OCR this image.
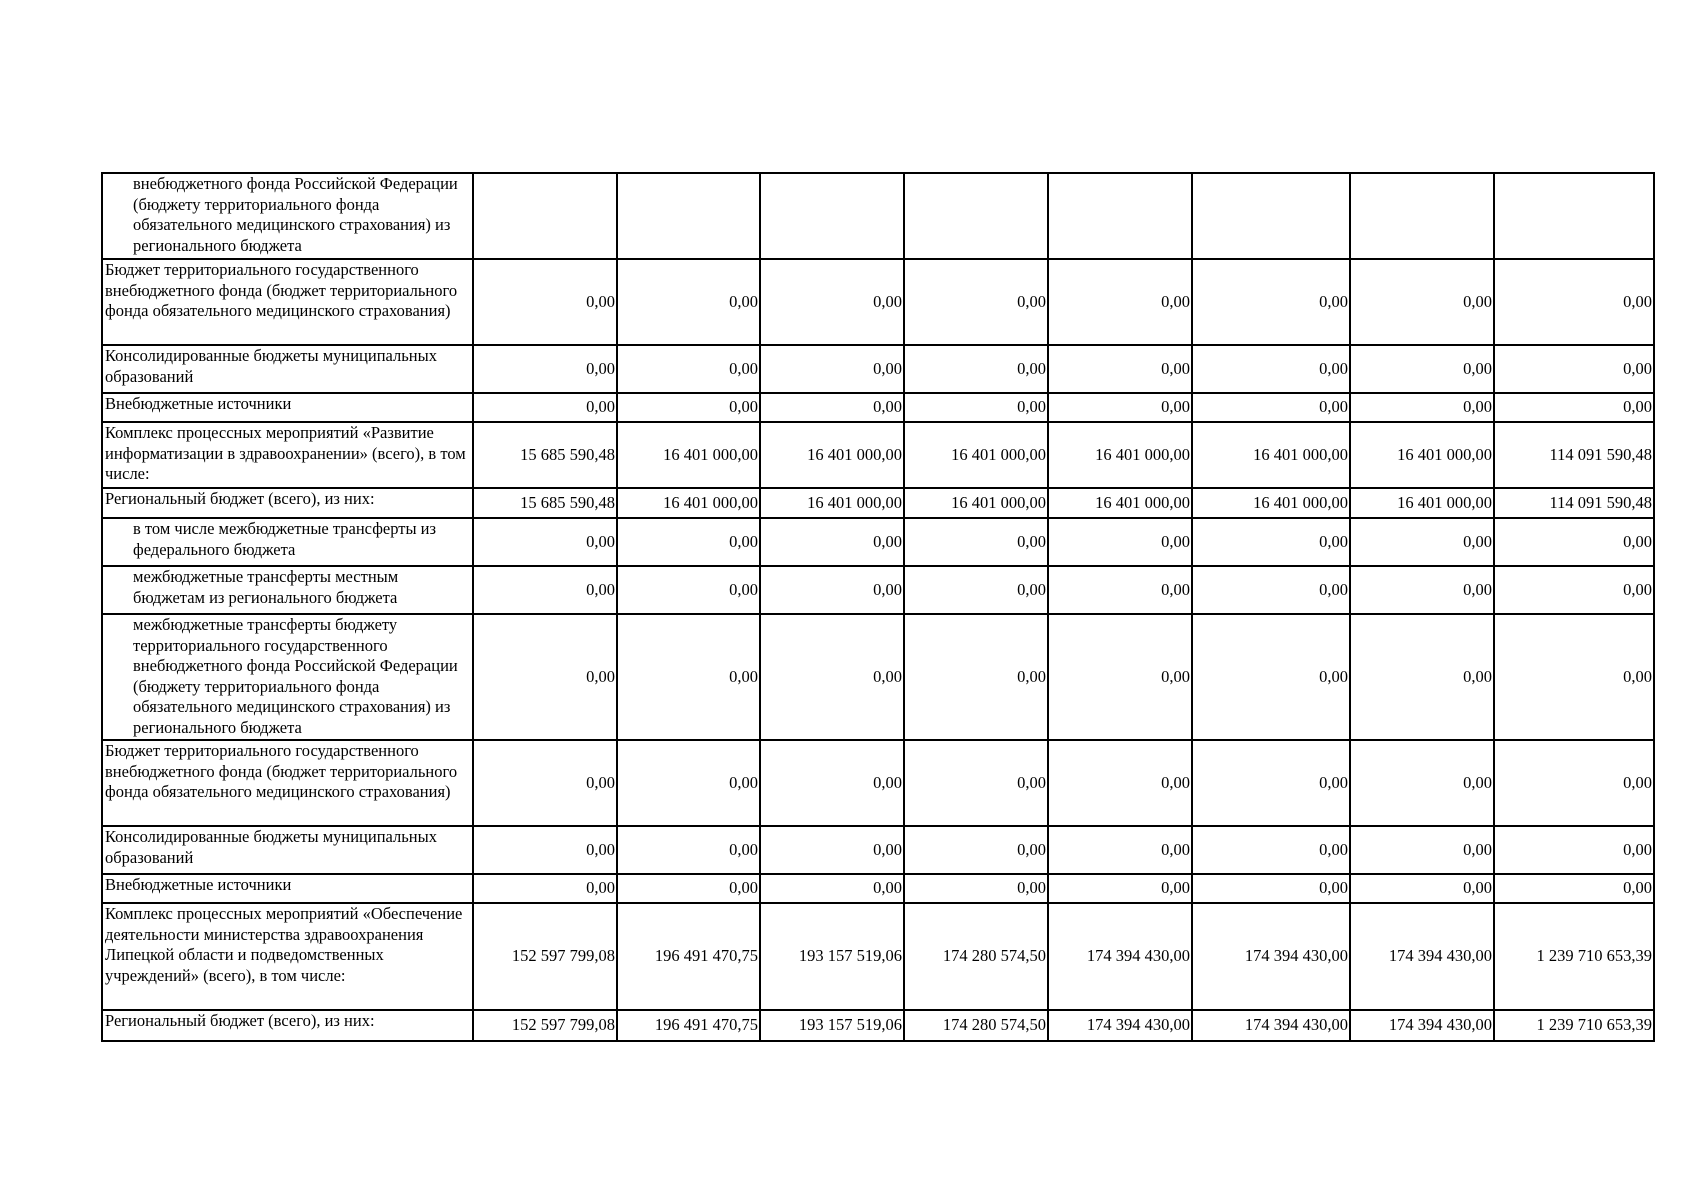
внебюджетного фонда Российской Федерации (бюджету территориального фонда обязательного медицинского страхования) из регионального бюджета								
Бюджет территориального государственного внебюджетного фонда (бюджет территориального фонда обязательного медицинского страхования)	0,00	0,00	0,00	0,00	0,00	0,00	0,00	0,00
Консолидированные бюджеты муниципальных образований	0,00	0,00	0,00	0,00	0,00	0,00	0,00	0,00
Внебюджетные источники	0,00	0,00	0,00	0,00	0,00	0,00	0,00	0,00
Комплекс процессных мероприятий «Развитие информатизации в здравоохранении» (всего), в том числе:	15 685 590,48	16 401 000,00	16 401 000,00	16 401 000,00	16 401 000,00	16 401 000,00	16 401 000,00	114 091 590,48
Региональный бюджет (всего), из них:	15 685 590,48	16 401 000,00	16 401 000,00	16 401 000,00	16 401 000,00	16 401 000,00	16 401 000,00	114 091 590,48
в том числе межбюджетные трансферты из федерального бюджета	0,00	0,00	0,00	0,00	0,00	0,00	0,00	0,00
межбюджетные трансферты местным бюджетам из регионального бюджета	0,00	0,00	0,00	0,00	0,00	0,00	0,00	0,00
межбюджетные трансферты бюджету территориального государственного внебюджетного фонда Российской Федерации (бюджету территориального фонда обязательного медицинского страхования) из регионального бюджета	0,00	0,00	0,00	0,00	0,00	0,00	0,00	0,00
Бюджет территориального государственного внебюджетного фонда (бюджет территориального фонда обязательного медицинского страхования)	0,00	0,00	0,00	0,00	0,00	0,00	0,00	0,00
Консолидированные бюджеты муниципальных образований	0,00	0,00	0,00	0,00	0,00	0,00	0,00	0,00
Внебюджетные источники	0,00	0,00	0,00	0,00	0,00	0,00	0,00	0,00
Комплекс процессных мероприятий «Обеспечение деятельности министерства здравоохранения Липецкой области и подведомственных учреждений» (всего), в том числе:	152 597 799,08	196 491 470,75	193 157 519,06	174 280 574,50	174 394 430,00	174 394 430,00	174 394 430,00	1 239 710 653,39
Региональный бюджет (всего), из них:	152 597 799,08	196 491 470,75	193 157 519,06	174 280 574,50	174 394 430,00	174 394 430,00	174 394 430,00	1 239 710 653,39
